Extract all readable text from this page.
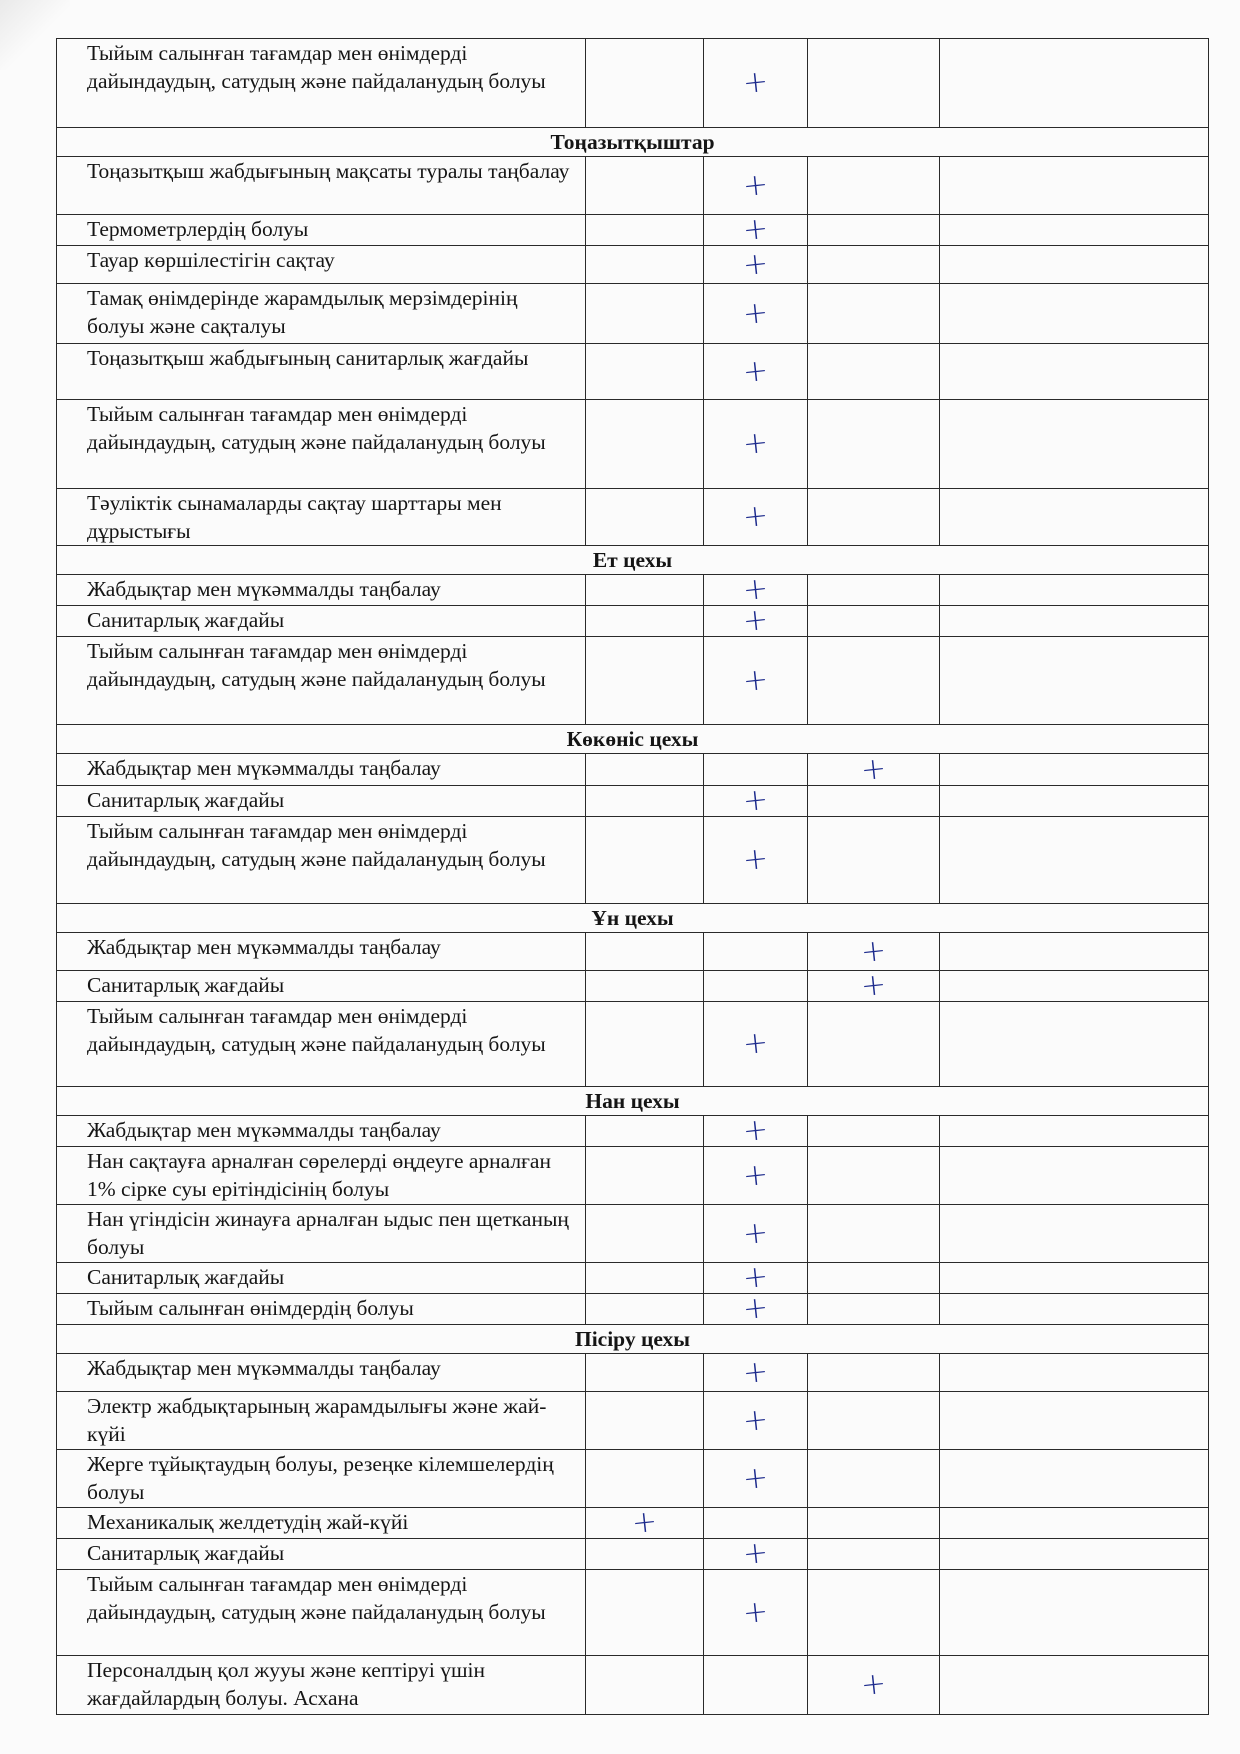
Тыйым салынған тағамдар мен өнімдерді дайындаудың, сатудың және пайдаланудың болуы		+		
Тоңазытқыштар				
Тоңазытқыш жабдығының мақсаты туралы таңбалау		+		
Термометрлердің болуы		+		
Тауар көршілестігін сақтау		+		
Тамақ өнімдерінде жарамдылық мерзімдерінің болуы және сақталуы		+		
Тоңазытқыш жабдығының санитарлық жағдайы		+		
Тыйым салынған тағамдар мен өнімдерді дайындаудың, сатудың және пайдаланудың болуы		+		
Тәуліктік сынамаларды сақтау шарттары мен дұрыстығы		+		
Ет цехы				
Жабдықтар мен мүкәммалды таңбалау		+		
Санитарлық жағдайы		+		
Тыйым салынған тағамдар мен өнімдерді дайындаудың, сатудың және пайдаланудың болуы		+		
Көкөніс цехы				
Жабдықтар мен мүкәммалды таңбалау			+	
Санитарлық жағдайы		+		
Тыйым салынған тағамдар мен өнімдерді дайындаудың, сатудың және пайдаланудың болуы		+		
Ұн цехы				
Жабдықтар мен мүкәммалды таңбалау			+	
Санитарлық жағдайы			+	
Тыйым салынған тағамдар мен өнімдерді дайындаудың, сатудың және пайдаланудың болуы		+		
Нан цехы				
Жабдықтар мен мүкәммалды таңбалау		+		
Нан сақтауға арналған сөрелерді өңдеуге арналған 1% сірке суы ерітіндісінің болуы		+		
Нан үгіндісін жинауға арналған ыдыс пен щетканың болуы		+		
Санитарлық жағдайы		+		
Тыйым салынған өнімдердің болуы		+		
Пісіру цехы				
Жабдықтар мен мүкәммалды таңбалау		+		
Электр жабдықтарының жарамдылығы және жай-күйі		+		
Жерге тұйықтаудың болуы, резеңке кілемшелердің болуы		+		
Механикалық желдетудің жай-күйі	+			
Санитарлық жағдайы		+		
Тыйым салынған тағамдар мен өнімдерді дайындаудың, сатудың және пайдаланудың болуы		+		
Персоналдың қол жууы және кептіруі үшін жағдайлардың болуы. Асхана			+	
